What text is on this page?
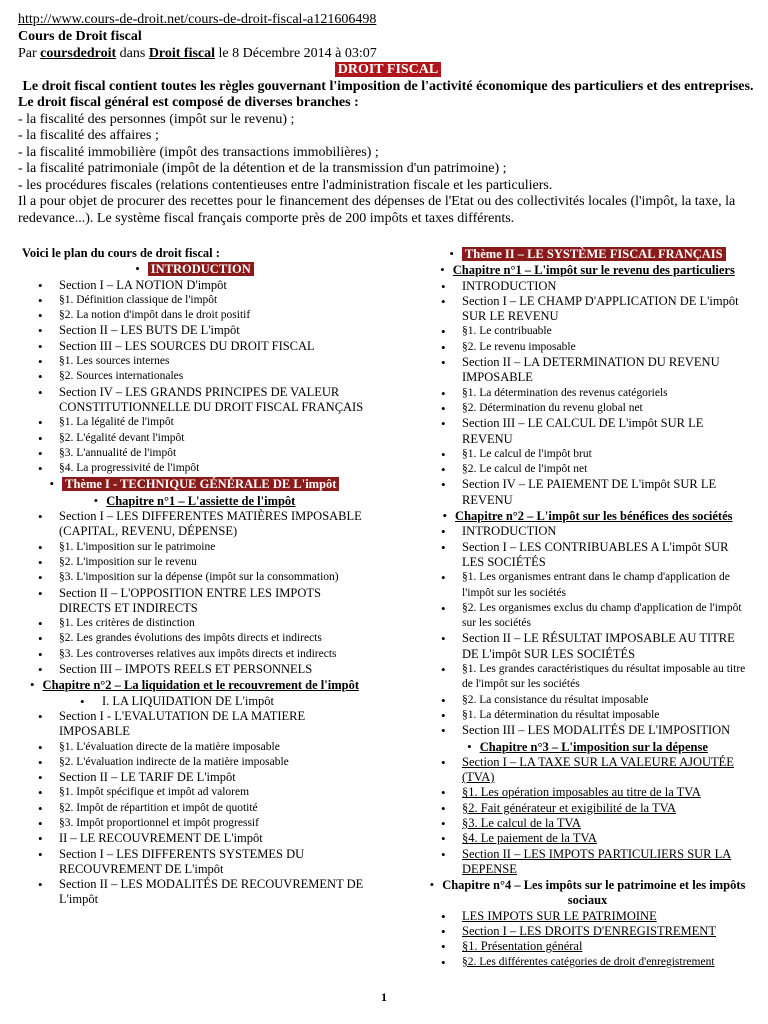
http://www.cours-de-droit.net/cours-de-droit-fiscal-a121606498
Cours de Droit fiscal
Par coursdedroit dans Droit fiscal le 8 Décembre 2014 à 03:07
DROIT FISCAL
Le droit fiscal contient toutes les règles gouvernant l'imposition de l'activité économique des particuliers et des entreprises.
Le droit fiscal général est composé de diverses branches :
- la fiscalité des personnes (impôt sur le revenu) ;
- la fiscalité des affaires ;
- la fiscalité immobilière (impôt des transactions immobilières) ;
- la fiscalité patrimoniale (impôt de la détention et de la transmission d'un patrimoine) ;
- les procédures fiscales (relations contentieuses entre l'administration fiscale et les particuliers.
Il a pour objet de procurer des recettes pour le financement des dépenses de l'Etat ou des collectivités locales (l'impôt, la taxe, la redevance...). Le système fiscal français comporte près de 200 impôts et taxes différents.
Voici le plan du cours de droit fiscal :
• INTRODUCTION
• Section I – LA NOTION D'impôt
• §1. Définition classique de l'impôt
• §2. La notion d'impôt dans le droit positif
• Section II – LES BUTS DE L'impôt
• Section III – LES SOURCES DU DROIT FISCAL
• §1. Les sources internes
• §2. Sources internationales
• Section IV – LES GRANDS PRINCIPES DE VALEUR CONSTITUTIONNELLE DU DROIT FISCAL FRANÇAIS
• §1. La légalité de l'impôt
• §2. L'égalité devant l'impôt
• §3. L'annualité de l'impôt
• §4. La progressivité de l'impôt
• Thème I - TECHNIQUE GÉNÉRALE DE L'impôt
• Chapitre n°1 – L'assiette de l'impôt
• Section I – LES DIFFERENTES MATIÈRES IMPOSABLE (CAPITAL, REVENU, DÉPENSE)
• §1. L'imposition sur le patrimoine
• §2. L'imposition sur le revenu
• §3. L'imposition sur la dépense (impôt sur la consommation)
• Section II – L'OPPOSITION ENTRE LES IMPOTS DIRECTS ET INDIRECTS
• §1. Les critères de distinction
• §2. Les grandes évolutions des impôts directs et indirects
• §3. Les controverses relatives aux impôts directs et indirects
• Section III – IMPOTS REELS ET PERSONNELS
• Chapitre n°2 – La liquidation et le recouvrement de l'impôt
• I. LA LIQUIDATION DE L'impôt
• Section I - L'EVALUTATION DE LA MATIERE IMPOSABLE
• §1. L'évaluation directe de la matière imposable
• §2. L'évaluation indirecte de la matière imposable
• Section II – LE TARIF DE L'impôt
• §1. Impôt spécifique et impôt ad valorem
• §2. Impôt de répartition et impôt de quotité
• §3. Impôt proportionnel et impôt progressif
• II – LE RECOUVREMENT DE L'impôt
• Section I – LES DIFFERENTS SYSTEMES DU RECOUVREMENT DE L'impôt
• Section II – LES MODALITÉS DE RECOUVREMENT DE L'impôt
• Thème II – LE SYSTÈME FISCAL FRANÇAIS
• Chapitre n°1 – L'impôt sur le revenu des particuliers
• INTRODUCTION
• Section I – LE CHAMP D'APPLICATION DE L'impôt SUR LE REVENU
• §1. Le contribuable
• §2. Le revenu imposable
• Section II – LA DETERMINATION DU REVENU IMPOSABLE
• §1. La détermination des revenus catégoriels
• §2. Détermination du revenu global net
• Section III – LE CALCUL DE L'impôt SUR LE REVENU
• §1. Le calcul de l'impôt brut
• §2. Le calcul de l'impôt net
• Section IV – LE PAIEMENT DE L'impôt SUR LE REVENU
• Chapitre n°2 – L'impôt sur les bénéfices des sociétés
• INTRODUCTION
• Section I – LES CONTRIBUABLES A L'impôt SUR LES SOCIÉTÉS
• §1. Les organismes entrant dans le champ d'application de l'impôt sur les sociétés
• §2. Les organismes exclus du champ d'application de l'impôt sur les sociétés
• Section II – LE RÉSULTAT IMPOSABLE AU TITRE DE L'impôt SUR LES SOCIÉTÉS
• §1. Les grandes caractéristiques du résultat imposable au titre de l'impôt sur les sociétés
• §2. La consistance du résultat imposable
• §1. La détermination du résultat imposable
• Section III – LES MODALITÉS DE L'IMPOSITION
• Chapitre n°3 – L'imposition sur la dépense
• Section I – LA TAXE SUR LA VALEURE AJOUTÉE (TVA)
• §1. Les opération imposables au titre de la TVA
• §2. Fait générateur et exigibilité de la TVA
• §3. Le calcul de la TVA
• §4. Le paiement de la TVA
• Section II – LES IMPOTS PARTICULIERS SUR LA DEPENSE
• Chapitre n°4 – Les impôts sur le patrimoine et les impôts sociaux
• LES IMPOTS SUR LE PATRIMOINE
• Section I – LES DROITS D'ENREGISTREMENT
• §1. Présentation général
• §2. Les différentes catégories de droit d'enregistrement
1
